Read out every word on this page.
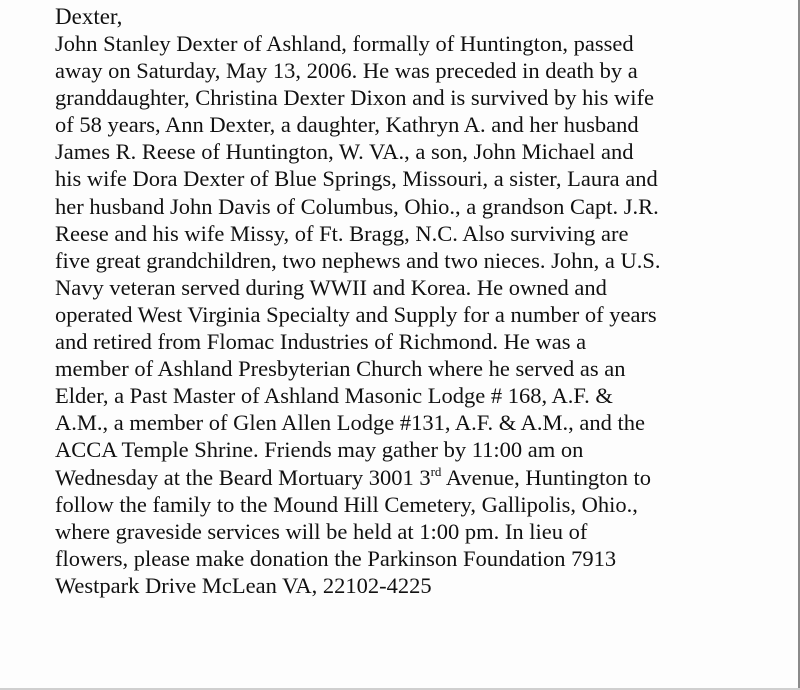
Dexter,
John Stanley Dexter of Ashland, formally of Huntington, passed
away on Saturday, May 13, 2006. He was preceded in death by a
granddaughter, Christina Dexter Dixon and is survived by his wife
of 58 years, Ann Dexter, a daughter, Kathryn A. and her husband
James R. Reese of Huntington, W. VA., a son, John Michael and
his wife Dora Dexter of Blue Springs, Missouri, a sister, Laura and
her husband John Davis of Columbus, Ohio., a grandson Capt. J.R.
Reese and his wife Missy, of Ft. Bragg, N.C. Also surviving are
five great grandchildren, two nephews and two nieces. John, a U.S.
Navy veteran served during WWII and Korea. He owned and
operated West Virginia Specialty and Supply for a number of years
and retired from Flomac Industries of Richmond. He was a
member of Ashland Presbyterian Church where he served as an
Elder, a Past Master of Ashland Masonic Lodge # 168, A.F. &
A.M., a member of Glen Allen Lodge #131, A.F. & A.M., and the
ACCA Temple Shrine. Friends may gather by 11:00 am on
Wednesday at the Beard Mortuary 3001 3rd Avenue, Huntington to
follow the family to the Mound Hill Cemetery, Gallipolis, Ohio.,
where graveside services will be held at 1:00 pm. In lieu of
flowers, please make donation the Parkinson Foundation 7913
Westpark Drive McLean VA, 22102-4225
